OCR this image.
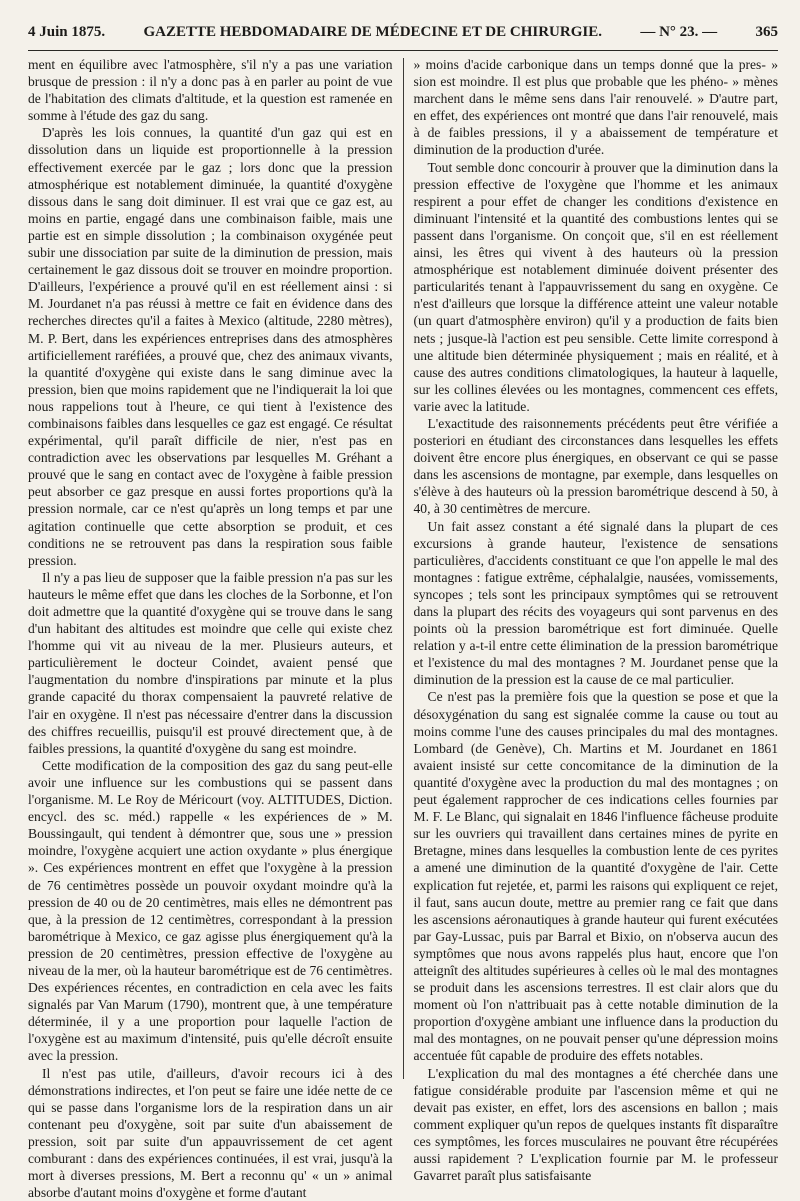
4 Juin 1875.	GAZETTE HEBDOMADAIRE DE MÉDECINE ET DE CHIRURGIE.	— N° 23. —	365

ment en équilibre avec l'atmosphère, s'il n'y a pas une variation brusque de pression : il n'y a donc pas à en parler au point de vue de l'habitation des climats d'altitude, et la question est ramenée en somme à l'étude des gaz du sang.

D'après les lois connues, la quantité d'un gaz qui est en dissolution dans un liquide est proportionnelle à la pression effectivement exercée par le gaz ; lors donc que la pression atmosphérique est notablement diminuée, la quantité d'oxygène dissous dans le sang doit diminuer. Il est vrai que ce gaz est, au moins en partie, engagé dans une combinaison faible, mais une partie est en simple dissolution ; la combinaison oxygénée peut subir une dissociation par suite de la diminution de pression, mais certainement le gaz dissous doit se trouver en moindre proportion. D'ailleurs, l'expérience a prouvé qu'il en est réellement ainsi : si M. Jourdanet n'a pas réussi à mettre ce fait en évidence dans des recherches directes qu'il a faites à Mexico (altitude, 2280 mètres), M. P. Bert, dans les expériences entreprises dans des atmosphères artificiellement raréfiées, a prouvé que, chez des animaux vivants, la quantité d'oxygène qui existe dans le sang diminue avec la pression, bien que moins rapidement que ne l'indiquerait la loi que nous rappelions tout à l'heure, ce qui tient à l'existence des combinaisons faibles dans lesquelles ce gaz est engagé. Ce résultat expérimental, qu'il paraît difficile de nier, n'est pas en contradiction avec les observations par lesquelles M. Gréhant a prouvé que le sang en contact avec de l'oxygène à faible pression peut absorber ce gaz presque en aussi fortes proportions qu'à la pression normale, car ce n'est qu'après un long temps et par une agitation continuelle que cette absorption se produit, et ces conditions ne se retrouvent pas dans la respiration sous faible pression.

Il n'y a pas lieu de supposer que la faible pression n'a pas sur les hauteurs le même effet que dans les cloches de la Sorbonne, et l'on doit admettre que la quantité d'oxygène qui se trouve dans le sang d'un habitant des altitudes est moindre que celle qui existe chez l'homme qui vit au niveau de la mer. Plusieurs auteurs, et particulièrement le docteur Coindet, avaient pensé que l'augmentation du nombre d'inspirations par minute et la plus grande capacité du thorax compensaient la pauvreté relative de l'air en oxygène. Il n'est pas nécessaire d'entrer dans la discussion des chiffres recueillis, puisqu'il est prouvé directement que, à de faibles pressions, la quantité d'oxygène du sang est moindre.

Cette modification de la composition des gaz du sang peut-elle avoir une influence sur les combustions qui se passent dans l'organisme. M. Le Roy de Méricourt (voy. ALTITUDES, Diction. encycl. des sc. méd.) rappelle « les expériences de » M. Boussingault, qui tendent à démontrer que, sous une » pression moindre, l'oxygène acquiert une action oxydante » plus énergique ». Ces expériences montrent en effet que l'oxygène à la pression de 76 centimètres possède un pouvoir oxydant moindre qu'à la pression de 40 ou de 20 centimètres, mais elles ne démontrent pas que, à la pression de 12 centimètres, correspondant à la pression barométrique à Mexico, ce gaz agisse plus énergiquement qu'à la pression de 20 centimètres, pression effective de l'oxygène au niveau de la mer, où la hauteur barométrique est de 76 centimètres. Des expériences récentes, en contradiction en cela avec les faits signalés par Van Marum (1790), montrent que, à une température déterminée, il y a une proportion pour laquelle l'action de l'oxygène est au maximum d'intensité, puis qu'elle décroît ensuite avec la pression.

Il n'est pas utile, d'ailleurs, d'avoir recours ici à des démonstrations indirectes, et l'on peut se faire une idée nette de ce qui se passe dans l'organisme lors de la respiration dans un air contenant peu d'oxygène, soit par suite d'un abaissement de pression, soit par suite d'un appauvrissement de cet agent comburant : dans des expériences continuées, il est vrai, jusqu'à la mort à diverses pressions, M. Bert a reconnu qu' « un » animal absorbe d'autant moins d'oxygène et forme d'autant

» moins d'acide carbonique dans un temps donné que la pres- » sion est moindre. Il est plus que probable que les phéno- » mènes marchent dans le même sens dans l'air renouvelé. » D'autre part, en effet, des expériences ont montré que dans l'air renouvelé, mais à de faibles pressions, il y a abaissement de température et diminution de la production d'urée.

Tout semble donc concourir à prouver que la diminution dans la pression effective de l'oxygène que l'homme et les animaux respirent a pour effet de changer les conditions d'existence en diminuant l'intensité et la quantité des combustions lentes qui se passent dans l'organisme. On conçoit que, s'il en est réellement ainsi, les êtres qui vivent à des hauteurs où la pression atmosphérique est notablement diminuée doivent présenter des particularités tenant à l'appauvrissement du sang en oxygène. Ce n'est d'ailleurs que lorsque la différence atteint une valeur notable (un quart d'atmosphère environ) qu'il y a production de faits bien nets ; jusque-là l'action est peu sensible. Cette limite correspond à une altitude bien déterminée physiquement ; mais en réalité, et à cause des autres conditions climatologiques, la hauteur à laquelle, sur les collines élevées ou les montagnes, commencent ces effets, varie avec la latitude.

L'exactitude des raisonnements précédents peut être vérifiée a posteriori en étudiant des circonstances dans lesquelles les effets doivent être encore plus énergiques, en observant ce qui se passe dans les ascensions de montagne, par exemple, dans lesquelles on s'élève à des hauteurs où la pression barométrique descend à 50, à 40, à 30 centimètres de mercure.

Un fait assez constant a été signalé dans la plupart de ces excursions à grande hauteur, l'existence de sensations particulières, d'accidents constituant ce que l'on appelle le mal des montagnes : fatigue extrême, céphalalgie, nausées, vomissements, syncopes ; tels sont les principaux symptômes qui se retrouvent dans la plupart des récits des voyageurs qui sont parvenus en des points où la pression barométrique est fort diminuée. Quelle relation y a-t-il entre cette élimination de la pression barométrique et l'existence du mal des montagnes ? M. Jourdanet pense que la diminution de la pression est la cause de ce mal particulier.

Ce n'est pas la première fois que la question se pose et que la désoxygénation du sang est signalée comme la cause ou tout au moins comme l'une des causes principales du mal des montagnes. Lombard (de Genève), Ch. Martins et M. Jourdanet en 1861 avaient insisté sur cette concomitance de la diminution de la quantité d'oxygène avec la production du mal des montagnes ; on peut également rapprocher de ces indications celles fournies par M. F. Le Blanc, qui signalait en 1846 l'influence fâcheuse produite sur les ouvriers qui travaillent dans certaines mines de pyrite en Bretagne, mines dans lesquelles la combustion lente de ces pyrites a amené une diminution de la quantité d'oxygène de l'air. Cette explication fut rejetée, et, parmi les raisons qui expliquent ce rejet, il faut, sans aucun doute, mettre au premier rang ce fait que dans les ascensions aéronautiques à grande hauteur qui furent exécutées par Gay-Lussac, puis par Barral et Bixio, on n'observa aucun des symptômes que nous avons rappelés plus haut, encore que l'on atteignît des altitudes supérieures à celles où le mal des montagnes se produit dans les ascensions terrestres. Il est clair alors que du moment où l'on n'attribuait pas à cette notable diminution de la proportion d'oxygène ambiant une influence dans la production du mal des montagnes, on ne pouvait penser qu'une dépression moins accentuée fût capable de produire des effets notables.

L'explication du mal des montagnes a été cherchée dans une fatigue considérable produite par l'ascension même et qui ne devait pas exister, en effet, lors des ascensions en ballon ; mais comment expliquer qu'un repos de quelques instants fît disparaître ces symptômes, les forces musculaires ne pouvant être récupérées aussi rapidement ? L'explication fournie par M. le professeur Gavarret paraît plus satisfaisante
